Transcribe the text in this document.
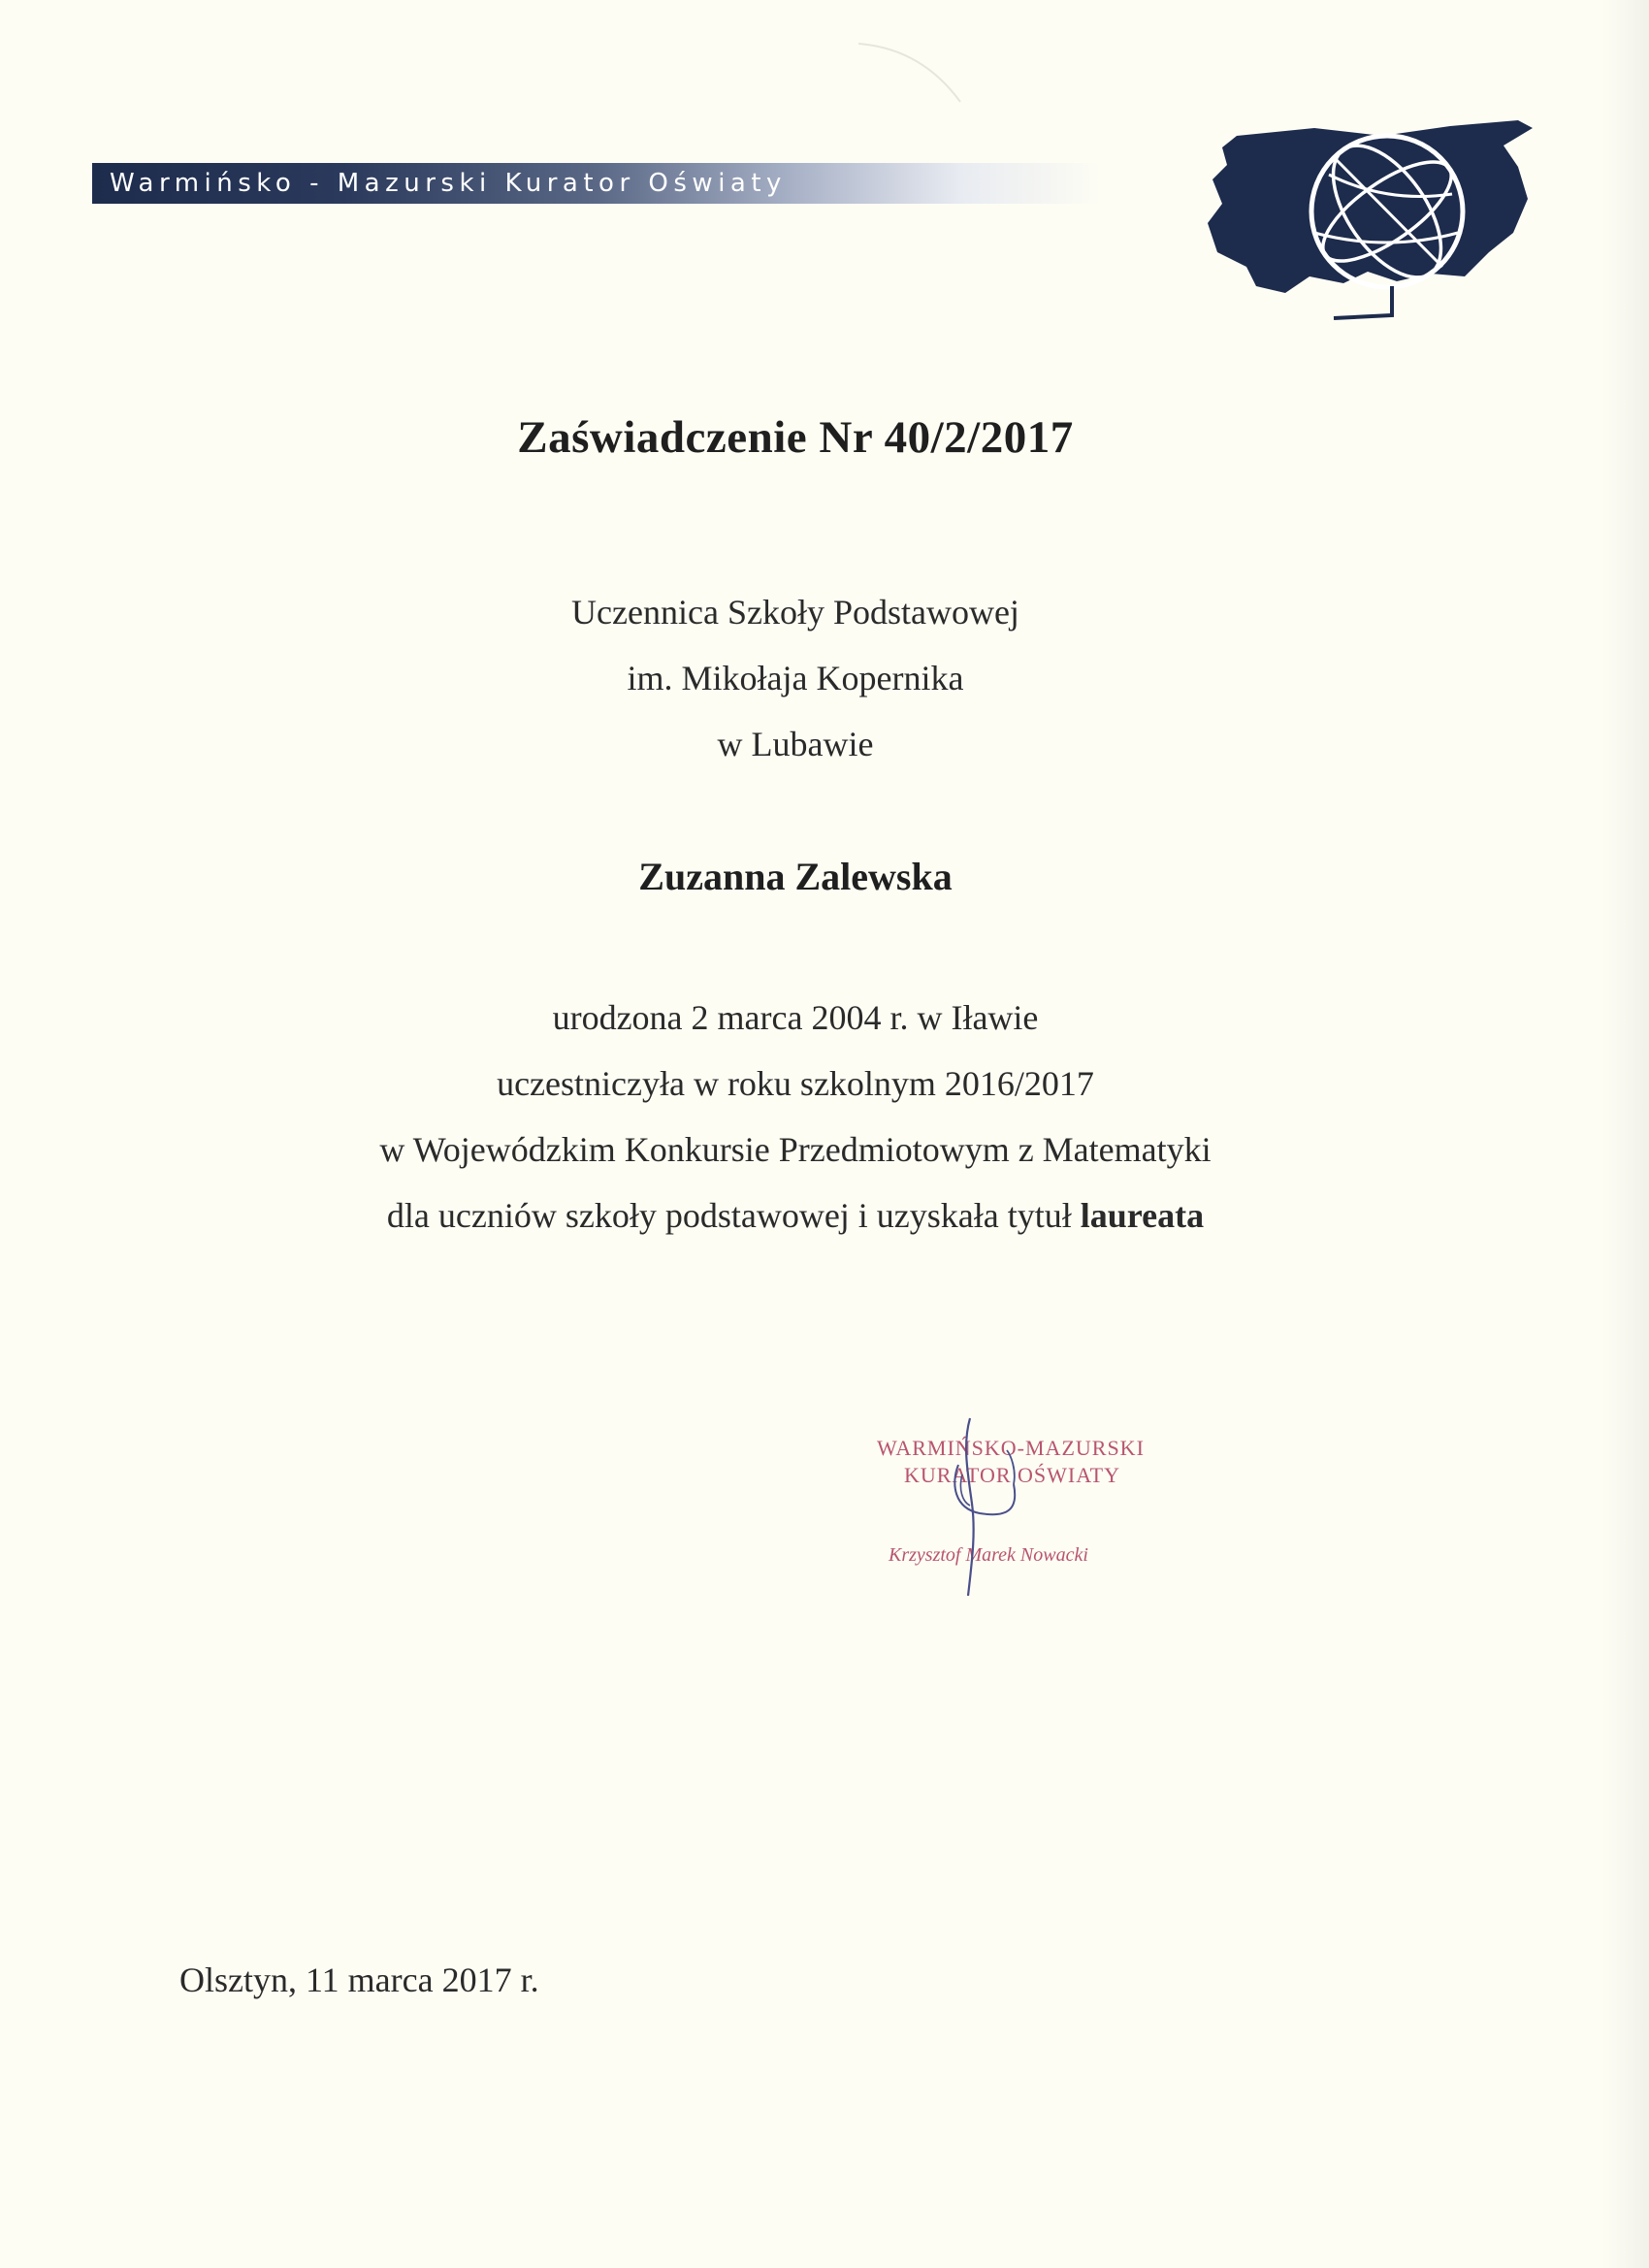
Warmińsko - Mazurski Kurator Oświaty
Zaświadczenie Nr 40/2/2017
Uczennica Szkoły Podstawowej
im. Mikołaja Kopernika
w Lubawie
Zuzanna Zalewska
urodzona 2 marca 2004 r. w Iławie
uczestniczyła w roku szkolnym 2016/2017
w Wojewódzkim Konkursie Przedmiotowym z Matematyki
dla uczniów szkoły podstawowej i uzyskała tytuł laureata
WARMIŃSKO-MAZURSKI
KURATOR OŚWIATY
Krzysztof Marek Nowacki
Olsztyn, 11 marca 2017 r.
